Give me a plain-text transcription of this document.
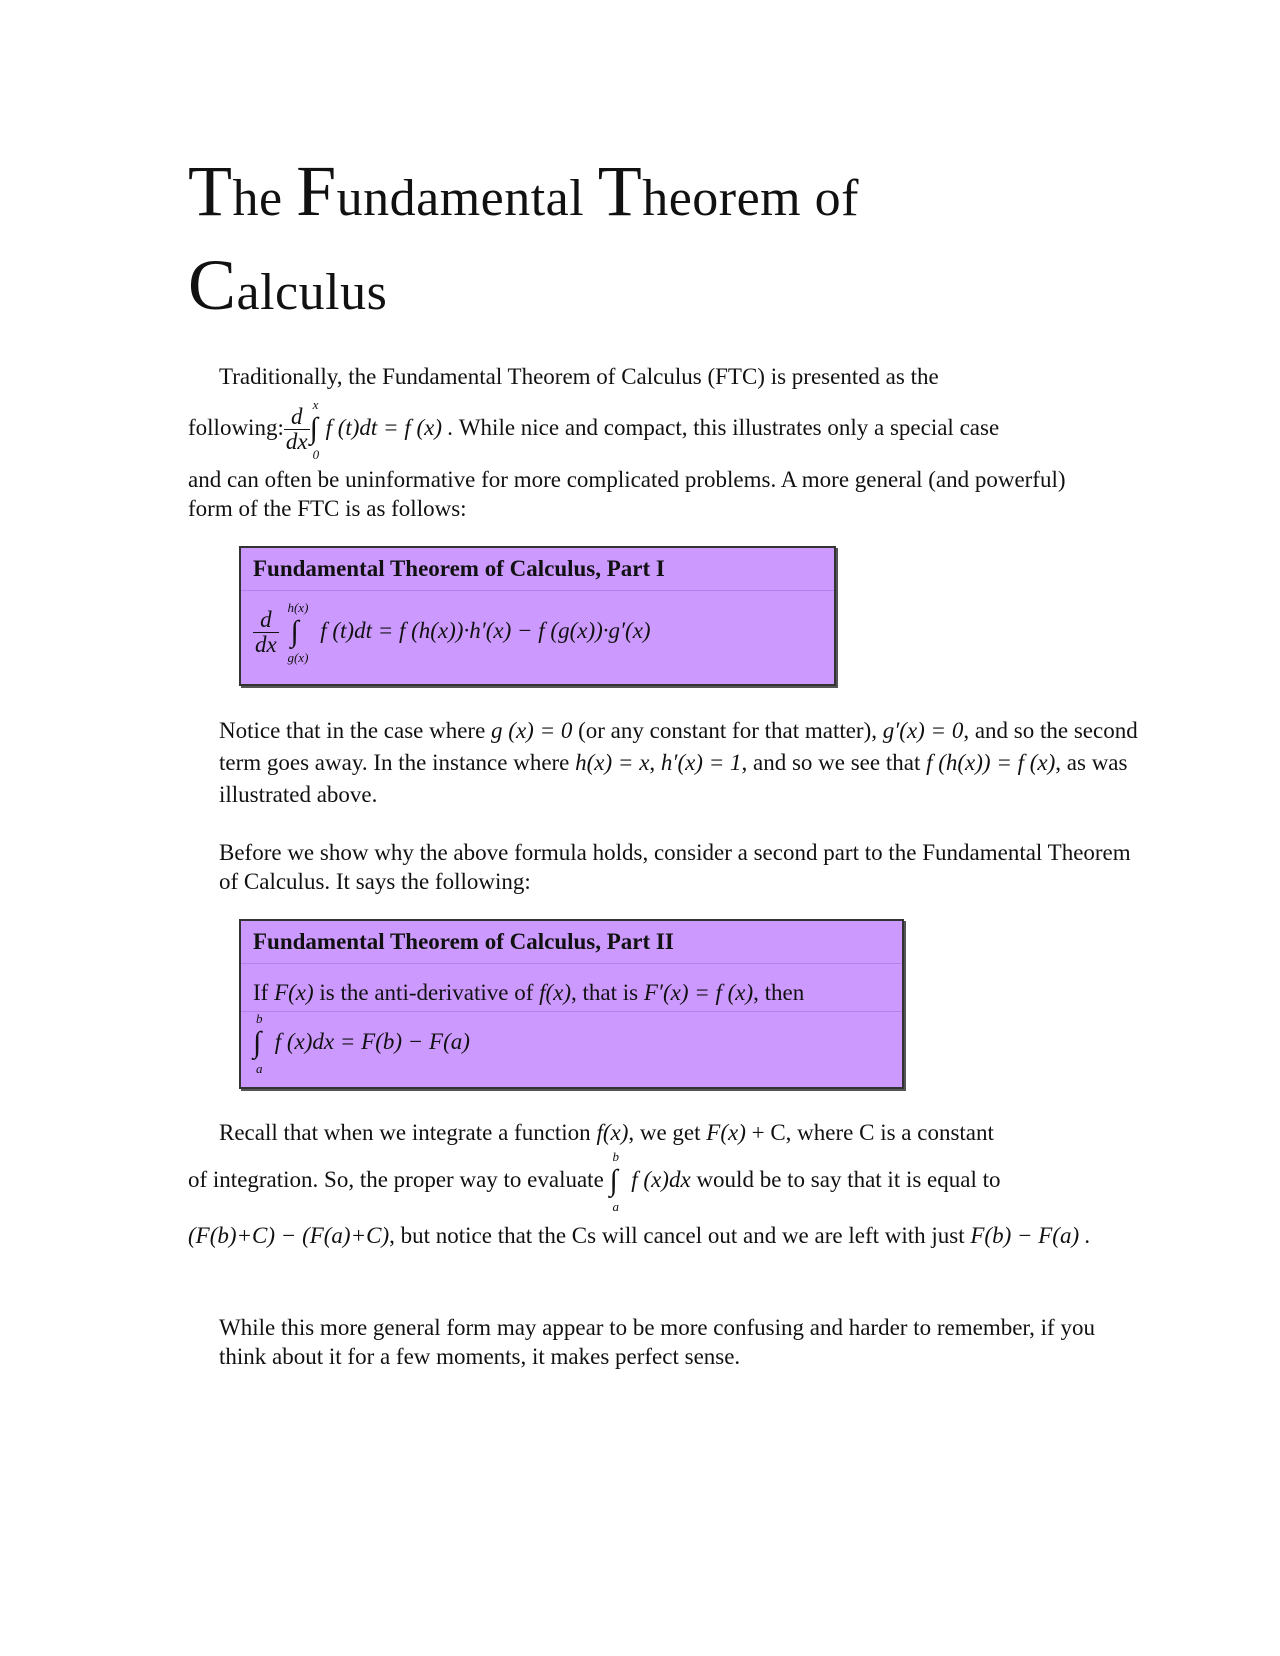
The Fundamental Theorem of
Calculus

Traditionally, the Fundamental Theorem of Calculus (FTC) is presented as the

following: $\frac{d}{dx}$
x
∫
0
f (t)dt = f (x) . While nice and compact, this illustrates only a special case

and can often be uninformative for more complicated problems. A more general (and powerful) form of the FTC is as follows:

Fundamental Theorem of Calculus, Part I
$\frac{d}{dx}$

h(x)
∫
g(x)
f (t)dt = f (h(x))·h′(x) − f (g(x))·g′(x)

Notice that in the case where g (x) = 0 (or any constant for that matter), g′(x) = 0, and so the second term goes away. In the instance where h(x) = x, h′(x) = 1, and so we see that f (h(x)) = f (x), as was illustrated above.

Before we show why the above formula holds, consider a second part to the Fundamental Theorem of Calculus. It says the following:

Fundamental Theorem of Calculus, Part II
If F(x) is the anti-derivative of f(x), that is F′(x) = f (x), then
b
∫
a
f (x)dx = F(b) − F(a)

Recall that when we integrate a function f(x), we get F(x) + C, where C is a constant

of integration. So, the proper way to evaluate
b
∫
a
f (x)dx would be to say that it is equal to

(F(b)+C) − (F(a)+C), but notice that the Cs will cancel out and we are left with just F(b) − F(a) .

While this more general form may appear to be more confusing and harder to remember, if you think about it for a few moments, it makes perfect sense.
